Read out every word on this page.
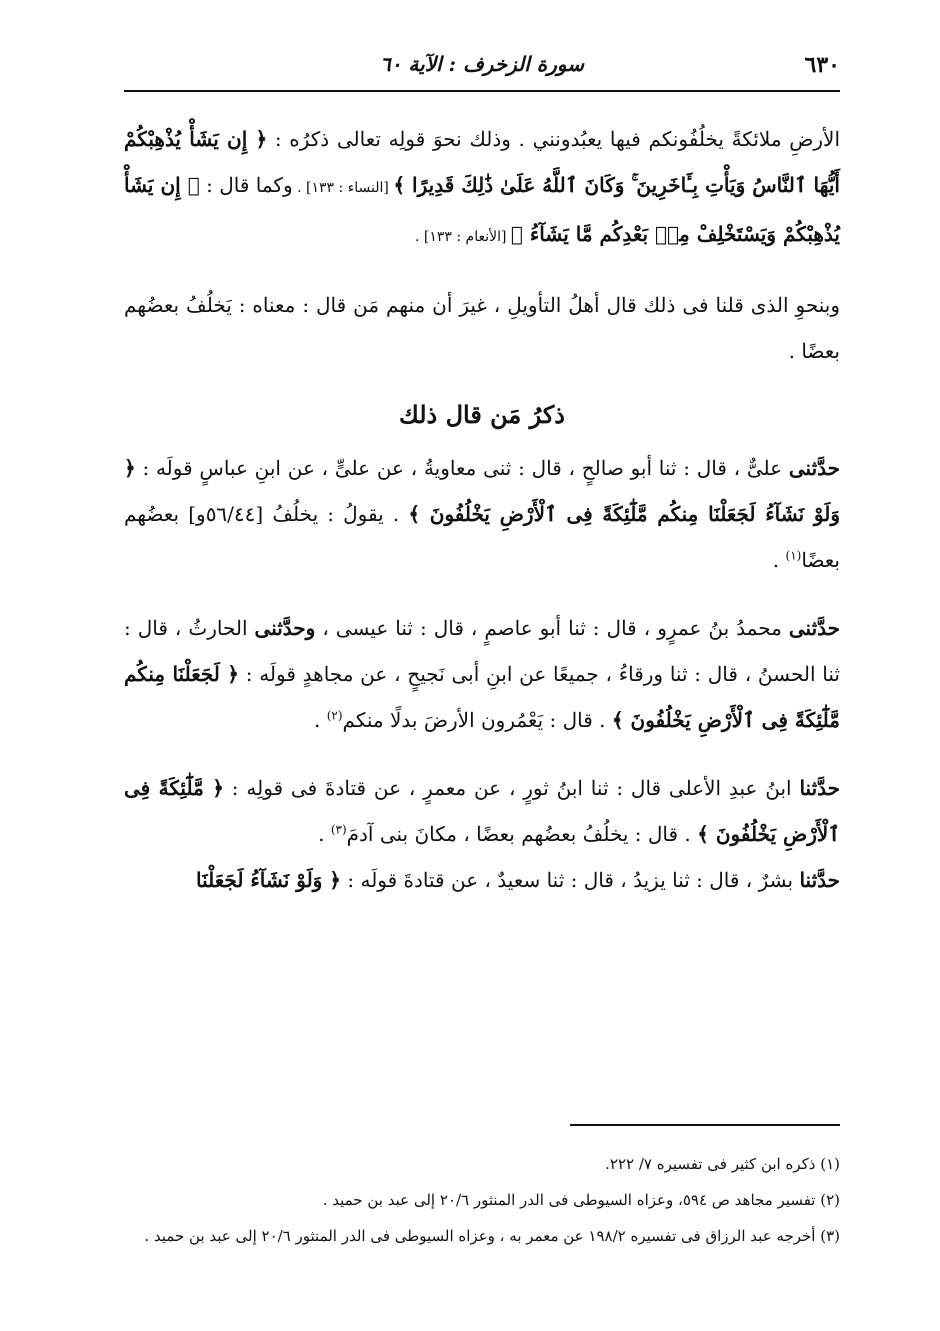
٦٣٠
سورة الزخرف : الآية ٦٠

الأرضِ ملائكةً يخلُفُونكم فيها يعبُدونني . وذلك نحوَ قولِه تعالى ذكرُه : ﴿ إِن يَشَأْ يُذْهِبْكُمْ أَيُّهَا ٱلنَّاسُ وَيَأْتِ بِـَٔاخَرِينَ ۚ وَكَانَ ٱللَّهُ عَلَىٰ ذَٰلِكَ قَدِيرًا ﴾ [النساء : ١٣٣] . وكما قال : ﴿ إِن يَشَأْ يُذْهِبْكُمْ وَيَسْتَخْلِفْ مِنۢ بَعْدِكُم مَّا يَشَآءُ ﴾ [الأنعام : ١٣٣] .

وبنحوِ الذى قلنا فى ذلك قال أهلُ التأويلِ ، غيرَ أن منهم مَن قال : معناه : يَخلُفُ بعضُهم بعضًا .

ذكرُ مَن قال ذلك

حدَّثنى علىٌّ ، قال : ثنا أبو صالحٍ ، قال : ثنى معاويةُ ، عن علىٍّ ، عن ابنِ عباسٍ قولَه : ﴿ وَلَوْ نَشَآءُ لَجَعَلْنَا مِنكُم مَّلَٰٓئِكَةً فِى ٱلْأَرْضِ يَخْلُفُونَ ﴾ . يقولُ : يخلُفُ [٥٦/٤٤و] بعضُهم بعضًا$^{(١)}$ .

حدَّثنى محمدُ بنُ عمرٍو ، قال : ثنا أبو عاصمٍ ، قال : ثنا عيسى ، وحدَّثنى الحارثُ ، قال : ثنا الحسنُ ، قال : ثنا ورقاءُ ، جميعًا عن ابنِ أبى نَجيحٍ ، عن مجاهدٍ قولَه : ﴿ لَجَعَلْنَا مِنكُم مَّلَٰٓئِكَةً فِى ٱلْأَرْضِ يَخْلُفُونَ ﴾ . قال : يَعْمُرون الأرضَ بدلًا منكم$^{(٢)}$ .

حدَّثنا ابنُ عبدِ الأعلى قال : ثنا ابنُ ثورٍ ، عن معمرٍ ، عن قتادةَ فى قولِه : ﴿ مَّلَٰٓئِكَةً فِى ٱلْأَرْضِ يَخْلُفُونَ ﴾ . قال : يخلُفُ بعضُهم بعضًا ، مكانَ بنى آدمَ$^{(٣)}$ .

حدَّثنا بشرٌ ، قال : ثنا يزيدُ ، قال : ثنا سعيدٌ ، عن قتادةَ قولَه : ﴿ وَلَوْ نَشَآءُ لَجَعَلْنَا

(١) ذكره ابن كثير فى تفسيره ٧/ ٢٢٢.

(٢) تفسير مجاهد ص ٥٩٤، وعزاه السيوطى فى الدر المنثور ٢٠/٦ إلى عبد بن حميد .

(٣) أخرجه عبد الرزاق فى تفسيره ١٩٨/٢ عن معمر به ، وعزاه السيوطى فى الدر المنثور ٢٠/٦ إلى عبد بن حميد .
